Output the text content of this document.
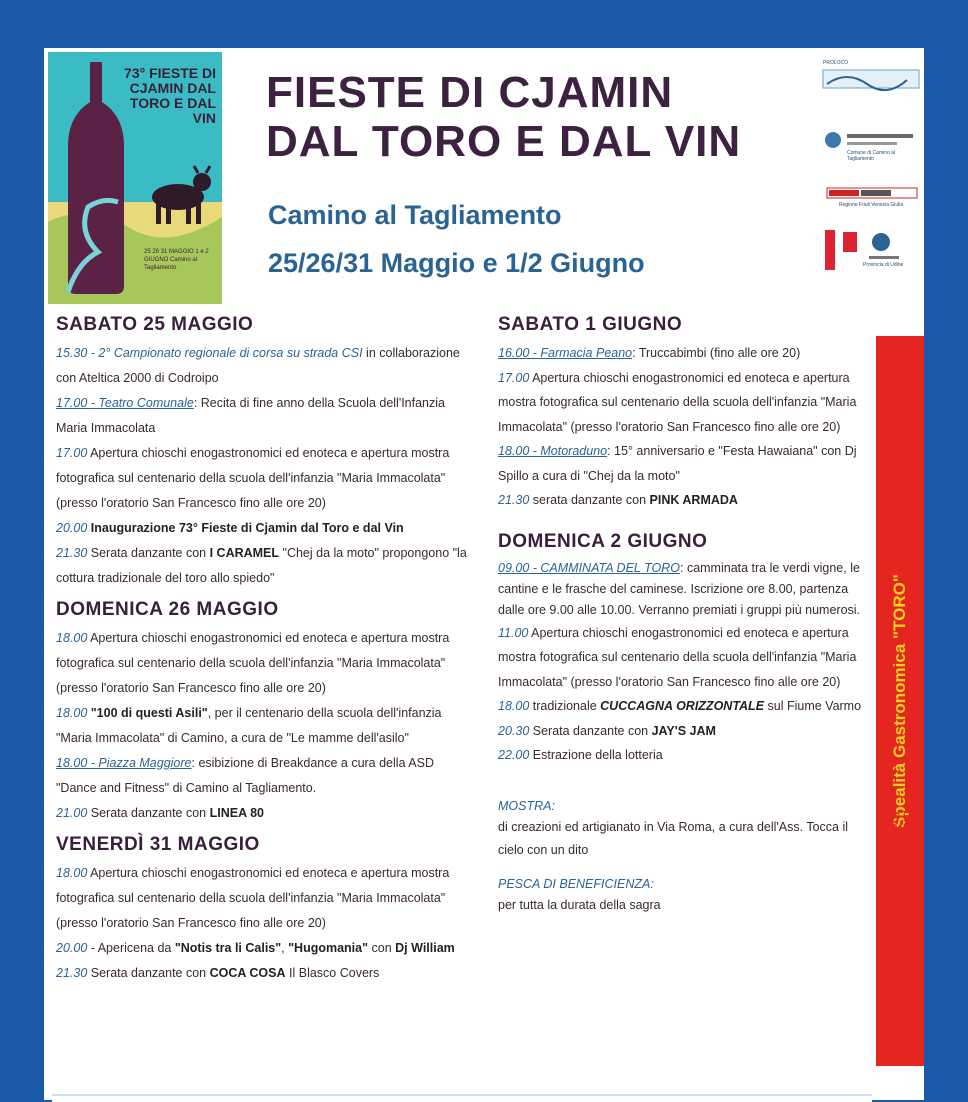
73° FIESTE DI CJAMIN DAL TORO E DAL VIN
25 26 31 MAGGIO 1 e 2 GIUGNO Camino al Tagliamento
FIESTE DI CJAMIN
DAL TORO E DAL VIN
Camino al Tagliamento
25/26/31 Maggio e 1/2 Giugno
PROLOCO
Comune di Camino al Tagliamento
Regione Friuli Venezia Giulia
Provincia di Udine
Spealità Gastronomica "TORO"
www.caminoaltagliamento.org info@caminoaltagliamento.org
SABATO 25 MAGGIO

15.30 - 2° Campionato regionale di corsa su strada CSI in collaborazione con Ateltica 2000 di Codroipo

17.00 - Teatro Comunale: Recita di fine anno della Scuola dell'Infanzia Maria Immacolata

17.00 Apertura chioschi enogastronomici ed enoteca e apertura mostra fotografica sul centenario della scuola dell'infanzia "Maria Immacolata" (presso l'oratorio San Francesco fino alle ore 20)

20.00 Inaugurazione 73° Fieste di Cjamin dal Toro e dal Vin

21.30 Serata danzante con I CARAMEL "Chej da la moto" propongono "la cottura tradizionale del toro allo spiedo"

DOMENICA 26 MAGGIO

18.00 Apertura chioschi enogastronomici ed enoteca e apertura mostra fotografica sul centenario della scuola dell'infanzia "Maria Immacolata" (presso l'oratorio San Francesco fino alle ore 20)

18.00 "100 di questi Asili", per il centenario della scuola dell'infanzia "Maria Immacolata" di Camino, a cura de "Le mamme dell'asilo"

18.00 - Piazza Maggiore: esibizione di Breakdance a cura della ASD "Dance and Fitness" di Camino al Tagliamento.

21.00 Serata danzante con LINEA 80

VENERDÌ 31 MAGGIO

18.00 Apertura chioschi enogastronomici ed enoteca e apertura mostra fotografica sul centenario della scuola dell'infanzia "Maria Immacolata" (presso l'oratorio San Francesco fino alle ore 20)

20.00 - Apericena da "Notis tra li Calis", "Hugomania" con Dj William

21.30 Serata danzante con COCA COSA Il Blasco Covers

SABATO 1 GIUGNO

16.00 - Farmacia Peano: Truccabimbi (fino alle ore 20)

17.00 Apertura chioschi enogastronomici ed enoteca e apertura mostra fotografica sul centenario della scuola dell'infanzia "Maria Immacolata" (presso l'oratorio San Francesco fino alle ore 20)

18.00 - Motoraduno: 15° anniversario e "Festa Hawaiana" con Dj Spillo a cura di "Chej da la moto"

21.30 serata danzante con PINK ARMADA

DOMENICA 2 GIUGNO

09.00 - CAMMINATA DEL TORO: camminata tra le verdi vigne, le cantine e le frasche del caminese. Iscrizione ore 8.00, partenza dalle ore 9.00 alle 10.00. Verranno premiati i gruppi più numerosi.

11.00 Apertura chioschi enogastronomici ed enoteca e apertura mostra fotografica sul centenario della scuola dell'infanzia "Maria Immacolata" (presso l'oratorio San Francesco fino alle ore 20)

18.00 tradizionale CUCCAGNA ORIZZONTALE sul Fiume Varmo

20.30 Serata danzante con JAY'S JAM

22.00 Estrazione della lotteria

MOSTRA:

di creazioni ed artigianato in Via Roma, a cura dell'Ass. Tocca il cielo con un dito

PESCA DI BENEFICIENZA:

per tutta la durata della sagra
